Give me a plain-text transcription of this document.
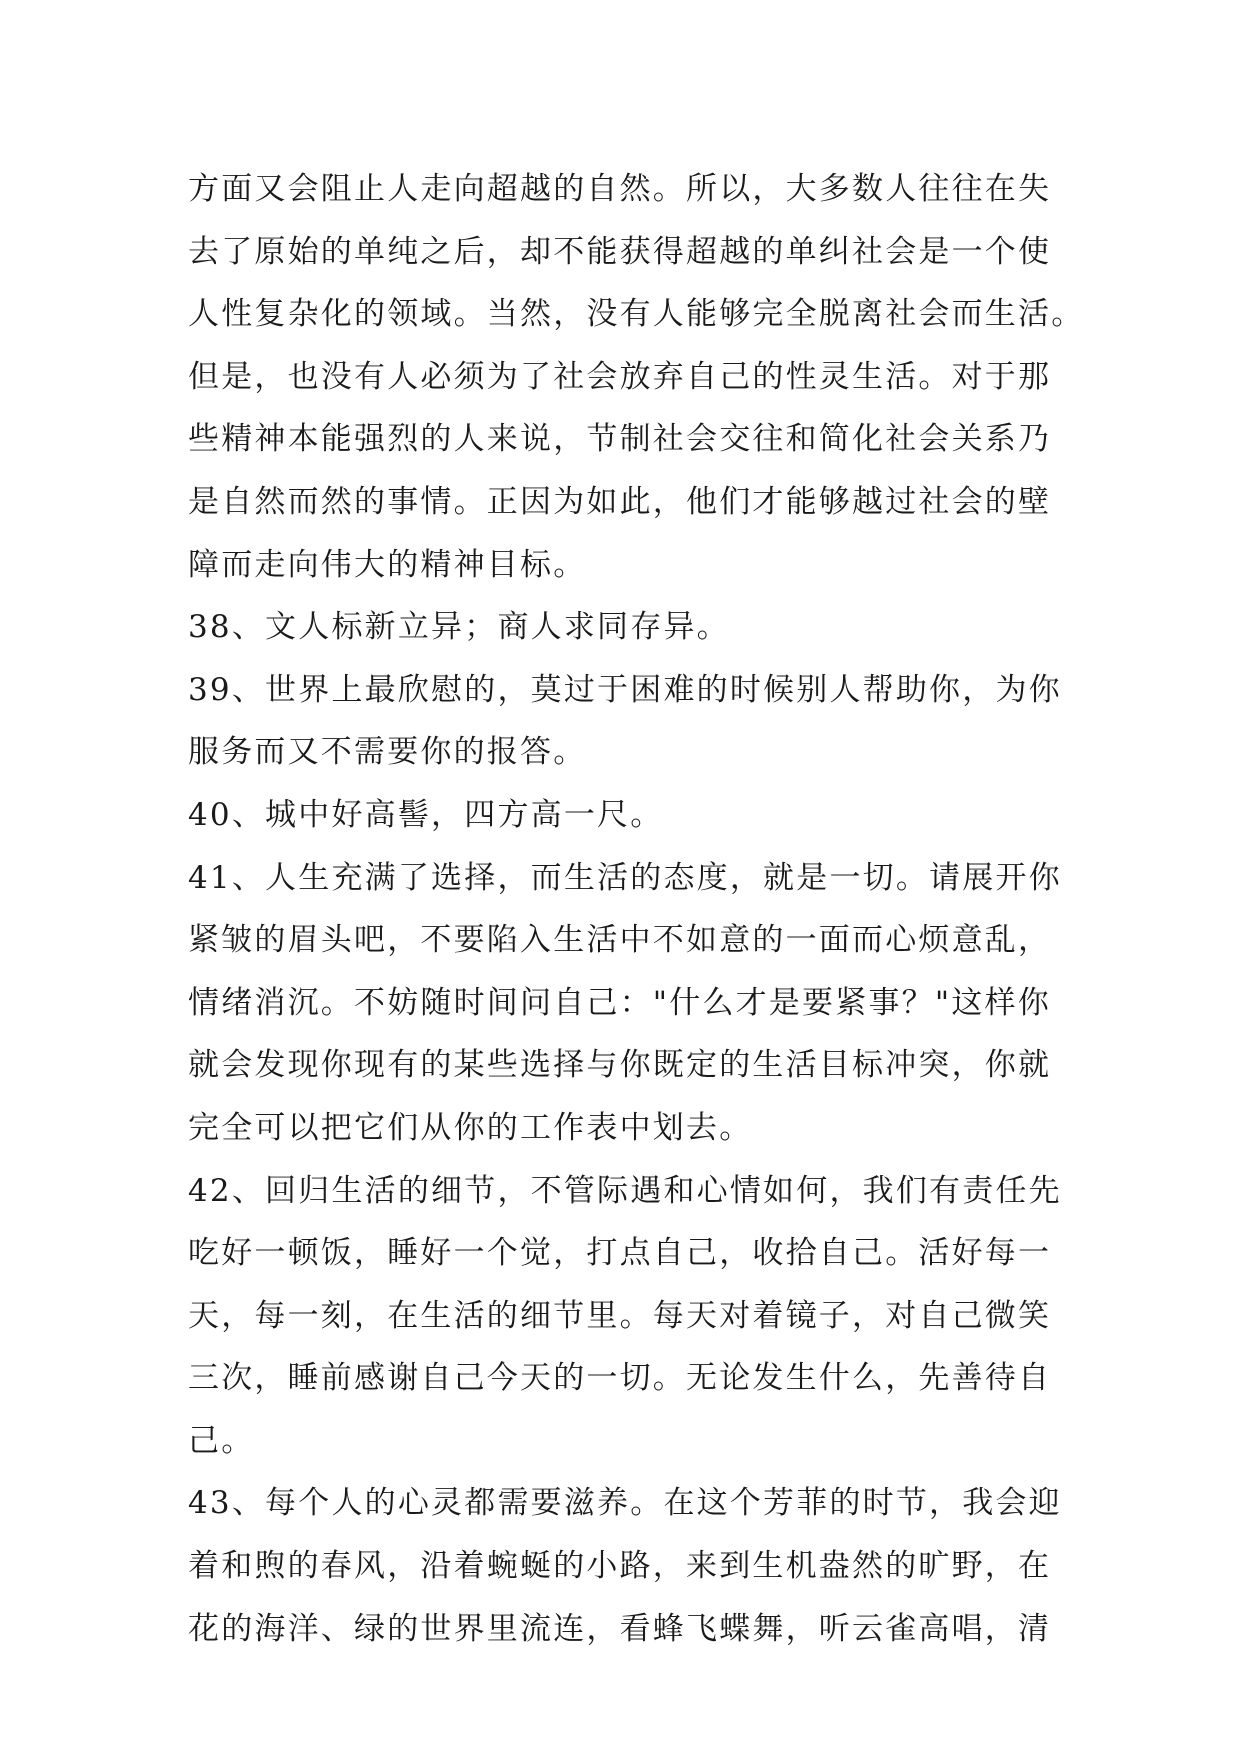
方面又会阻止人走向超越的自然。所以，大多数人往往在失
去了原始的单纯之后，却不能获得超越的单纠社会是一个使
人性复杂化的领域。当然，没有人能够完全脱离社会而生活。
但是，也没有人必须为了社会放弃自己的性灵生活。对于那
些精神本能强烈的人来说，节制社会交往和简化社会关系乃
是自然而然的事情。正因为如此，他们才能够越过社会的壁
障而走向伟大的精神目标。
38、文人标新立异；商人求同存异。
39、世界上最欣慰的，莫过于困难的时候别人帮助你，为你
服务而又不需要你的报答。
40、城中好高髻，四方高一尺。
41、人生充满了选择，而生活的态度，就是一切。请展开你
紧皱的眉头吧，不要陷入生活中不如意的一面而心烦意乱，
情绪消沉。不妨随时间问自己："什么才是要紧事？"这样你
就会发现你现有的某些选择与你既定的生活目标冲突，你就
完全可以把它们从你的工作表中划去。
42、回归生活的细节，不管际遇和心情如何，我们有责任先
吃好一顿饭，睡好一个觉，打点自己，收拾自己。活好每一
天，每一刻，在生活的细节里。每天对着镜子，对自己微笑
三次，睡前感谢自己今天的一切。无论发生什么，先善待自
己。
43、每个人的心灵都需要滋养。在这个芳菲的时节，我会迎
着和煦的春风，沿着蜿蜒的小路，来到生机盎然的旷野，在
花的海洋、绿的世界里流连，看蜂飞蝶舞，听云雀高唱，清
